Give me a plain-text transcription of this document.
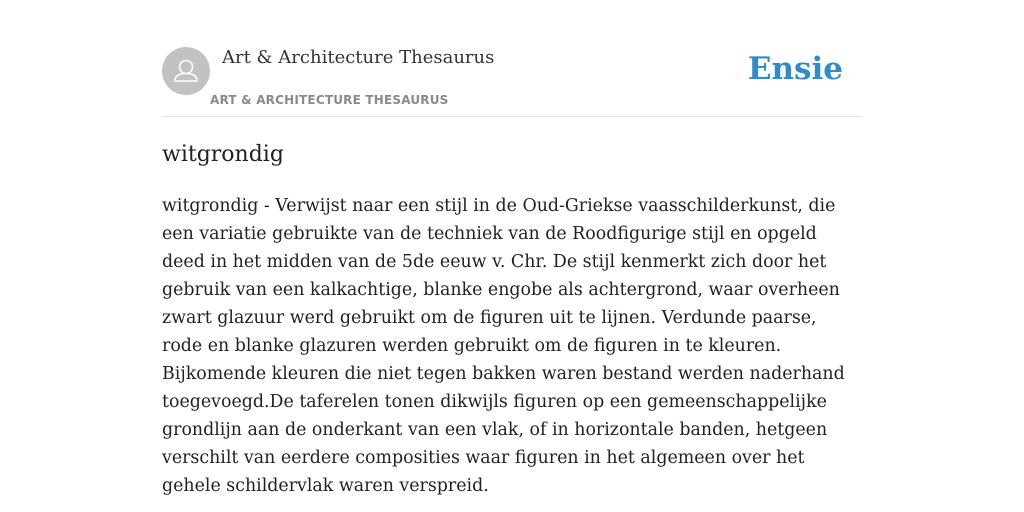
Art & Architecture Thesaurus
ART & ARCHITECTURE THESAURUS
Ensie
witgrondig

witgrondig - Verwijst naar een stijl in de Oud-Griekse vaasschilderkunst, die een variatie gebruikte van de techniek van de Roodfigurige stijl en opgeld deed in het midden van de 5de eeuw v. Chr. De stijl kenmerkt zich door het gebruik van een kalkachtige, blanke engobe als achtergrond, waar overheen zwart glazuur werd gebruikt om de figuren uit te lijnen. Verdunde paarse, rode en blanke glazuren werden gebruikt om de figuren in te kleuren. Bijkomende kleuren die niet tegen bakken waren bestand werden naderhand toegevoegd.De taferelen tonen dikwijls figuren op een gemeenschappelijke grondlijn aan de onderkant van een vlak, of in horizontale banden, hetgeen verschilt van eerdere composities waar figuren in het algemeen over het gehele schildervlak waren verspreid.
